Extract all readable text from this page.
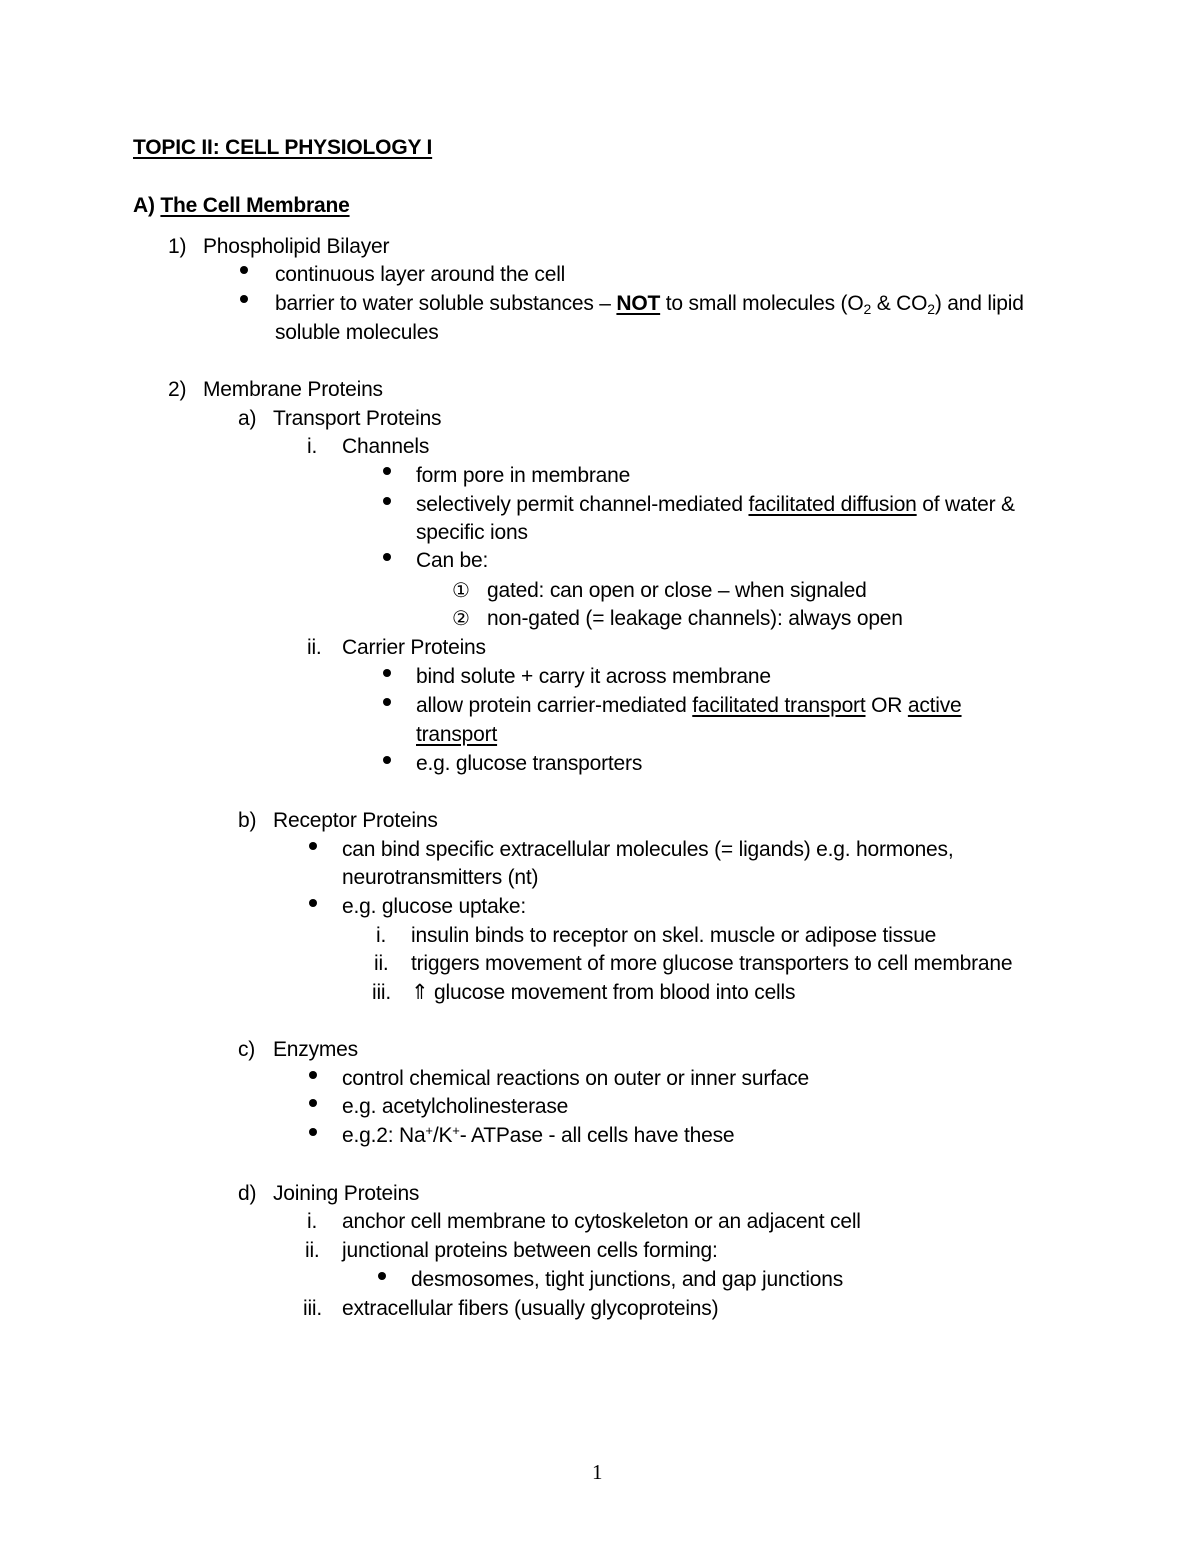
TOPIC II: CELL PHYSIOLOGY I
A) The Cell Membrane
1) Phospholipid Bilayer
continuous layer around the cell
barrier to water soluble substances – NOT to small molecules ($O_2$ & $CO_2$) and lipid
soluble molecules
2) Membrane Proteins
a) Transport Proteins
i. Channels
form pore in membrane
selectively permit channel-mediated facilitated diffusion of water &
specific ions
Can be:
① gated: can open or close – when signaled
② non-gated (= leakage channels): always open
ii. Carrier Proteins
bind solute + carry it across membrane
allow protein carrier-mediated facilitated transport OR active
transport
e.g. glucose transporters
b) Receptor Proteins
can bind specific extracellular molecules (= ligands) e.g. hormones,
neurotransmitters (nt)
e.g. glucose uptake:
i. insulin binds to receptor on skel. muscle or adipose tissue
ii. triggers movement of more glucose transporters to cell membrane
iii. ⇑ glucose movement from blood into cells
c) Enzymes
control chemical reactions on outer or inner surface
e.g. acetylcholinesterase
e.g.2: Na+/K+- ATPase - all cells have these
d) Joining Proteins
i. anchor cell membrane to cytoskeleton or an adjacent cell
ii. junctional proteins between cells forming:
desmosomes, tight junctions, and gap junctions
iii. extracellular fibers (usually glycoproteins)
1
